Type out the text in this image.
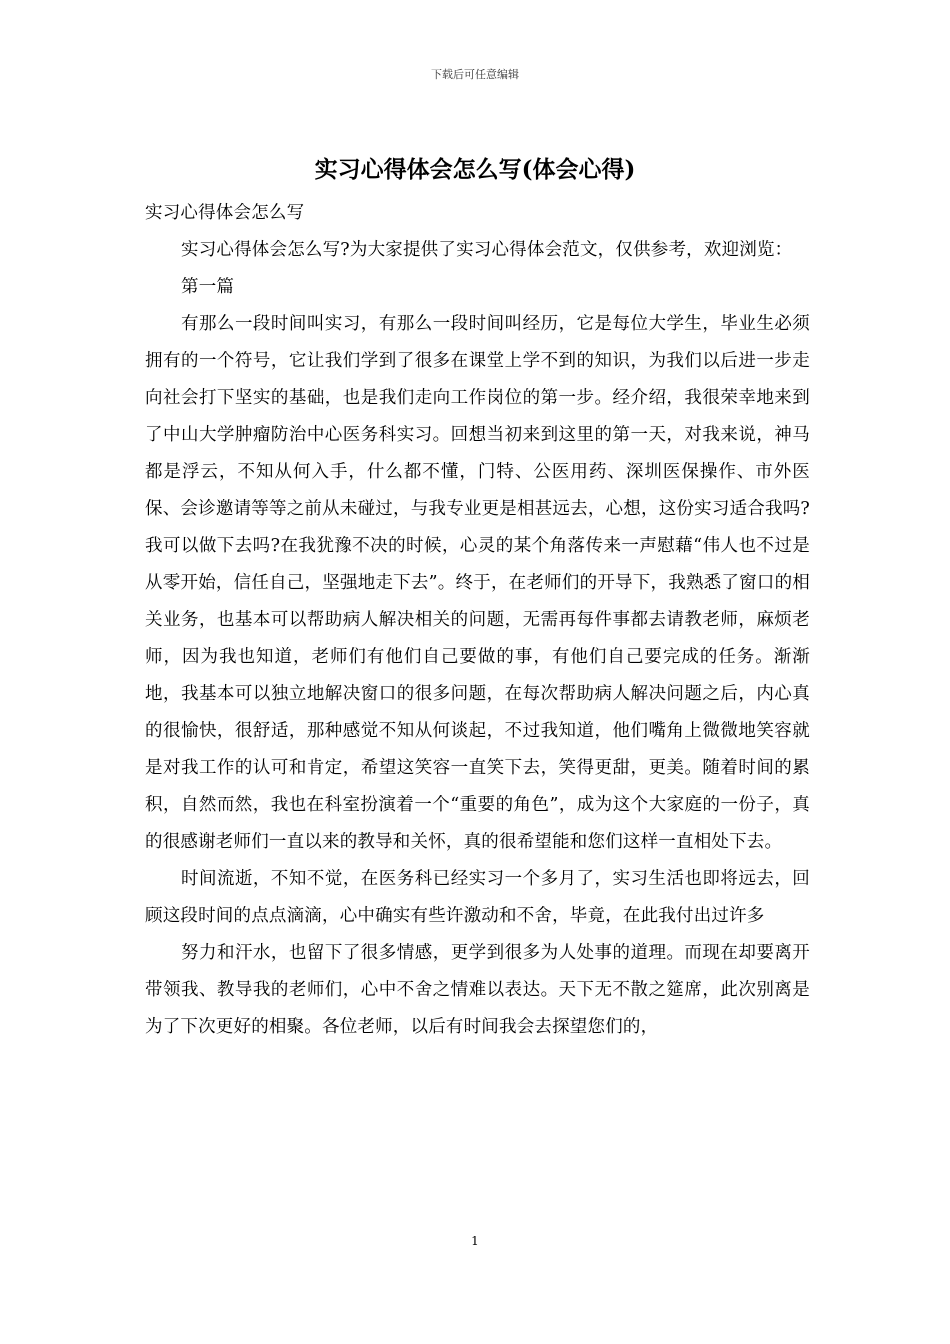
下载后可任意编辑
实习心得体会怎么写(体会心得)

实习心得体会怎么写

实习心得体会怎么写?为大家提供了实习心得体会范文，仅供参考，欢迎浏览：

第一篇

有那么一段时间叫实习，有那么一段时间叫经历，它是每位大学生，毕业生必须拥有的一个符号，它让我们学到了很多在课堂上学不到的知识，为我们以后进一步走向社会打下坚实的基础，也是我们走向工作岗位的第一步。经介绍，我很荣幸地来到了中山大学肿瘤防治中心医务科实习。回想当初来到这里的第一天，对我来说，神马都是浮云，不知从何入手，什么都不懂，门特、公医用药、深圳医保操作、市外医保、会诊邀请等等之前从未碰过，与我专业更是相甚远去，心想，这份实习适合我吗?我可以做下去吗?在我犹豫不决的时候，心灵的某个角落传来一声慰藉“伟人也不过是从零开始，信任自己，坚强地走下去”。终于，在老师们的开导下，我熟悉了窗口的相关业务，也基本可以帮助病人解决相关的问题，无需再每件事都去请教老师，麻烦老师，因为我也知道，老师们有他们自己要做的事，有他们自己要完成的任务。渐渐地，我基本可以独立地解决窗口的很多问题，在每次帮助病人解决问题之后，内心真的很愉快，很舒适，那种感觉不知从何谈起，不过我知道，他们嘴角上微微地笑容就是对我工作的认可和肯定，希望这笑容一直笑下去，笑得更甜，更美。随着时间的累积，自然而然，我也在科室扮演着一个“重要的角色”，成为这个大家庭的一份子，真的很感谢老师们一直以来的教导和关怀，真的很希望能和您们这样一直相处下去。

时间流逝，不知不觉，在医务科已经实习一个多月了，实习生活也即将远去，回顾这段时间的点点滴滴，心中确实有些许激动和不舍，毕竟，在此我付出过许多

努力和汗水，也留下了很多情感，更学到很多为人处事的道理。而现在却要离开带领我、教导我的老师们，心中不舍之情难以表达。天下无不散之筵席，此次别离是为了下次更好的相聚。各位老师，以后有时间我会去探望您们的，

1
